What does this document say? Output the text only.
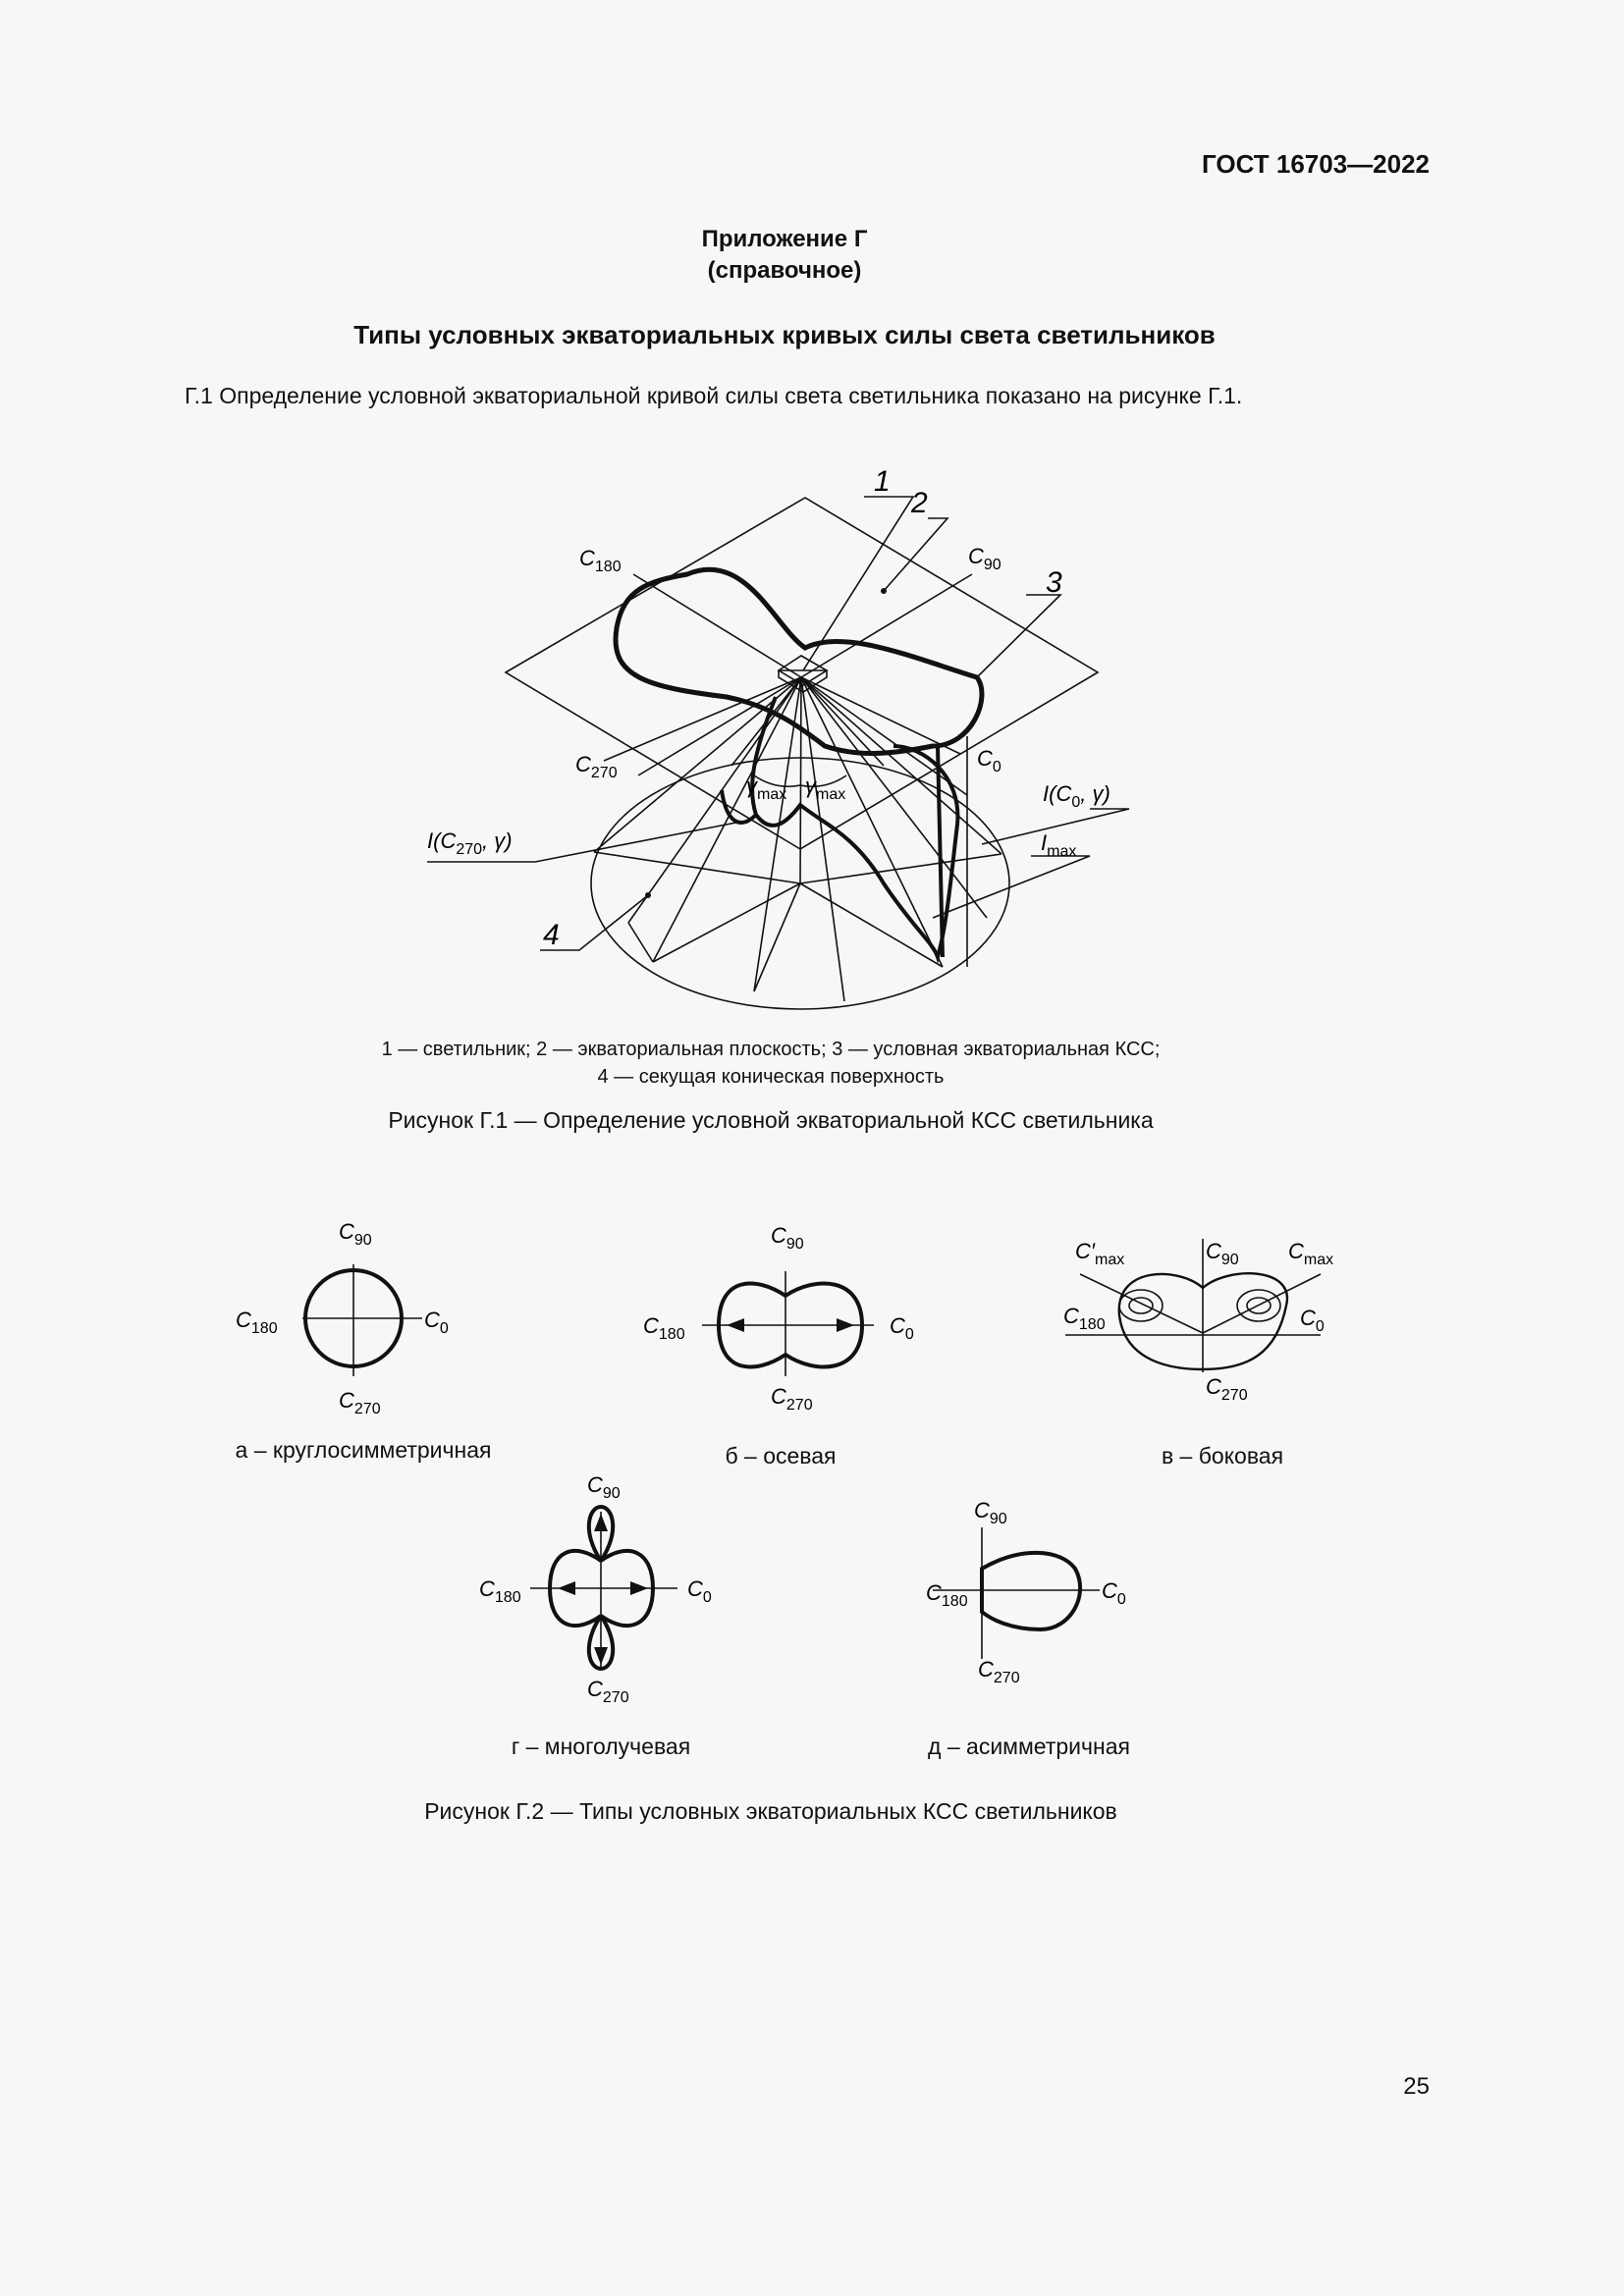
ГОСТ 16703—2022
Приложение Г
(справочное)
Типы условных экваториальных кривых силы света светильников
Г.1 Определение условной экваториальной кривой силы света светильника показано на рисунке Г.1.
1
2
3
4
$C_{180}$	$C_{90}$
$C_{270}$
$C_0$
$\gamma_{max}$ $\gamma_{max}$	$I(C_0$, γ)
$I(C_{270}$, γ)	$I_{max}$
$C_{90}$
$C_{180}$	$C_0$
$C_{270}$
$C_{90}$
$C_{180}$	$C_0$
$C_{270}$
$C'_{max}$	$C_{90}$ $C_{max}$
$C_{180}$	$C_0$
$C_{270}$
$C_{90}$
$C_{180}$	$C_0$
$C_{270}$
$C_{90}$
$C_{180}$	$C_0$
$C_{270}$
1 — светильник; 2 — экваториальная плоскость; 3 — условная экваториальная КСС;
4 — секущая коническая поверхность
Рисунок Г.1 — Определение условной экваториальной КСС светильника
а – круглосимметричная	б – осевая	в – боковая
г – многолучевая	д – асимметричная
Рисунок Г.2 — Типы условных экваториальных КСС светильников
25
